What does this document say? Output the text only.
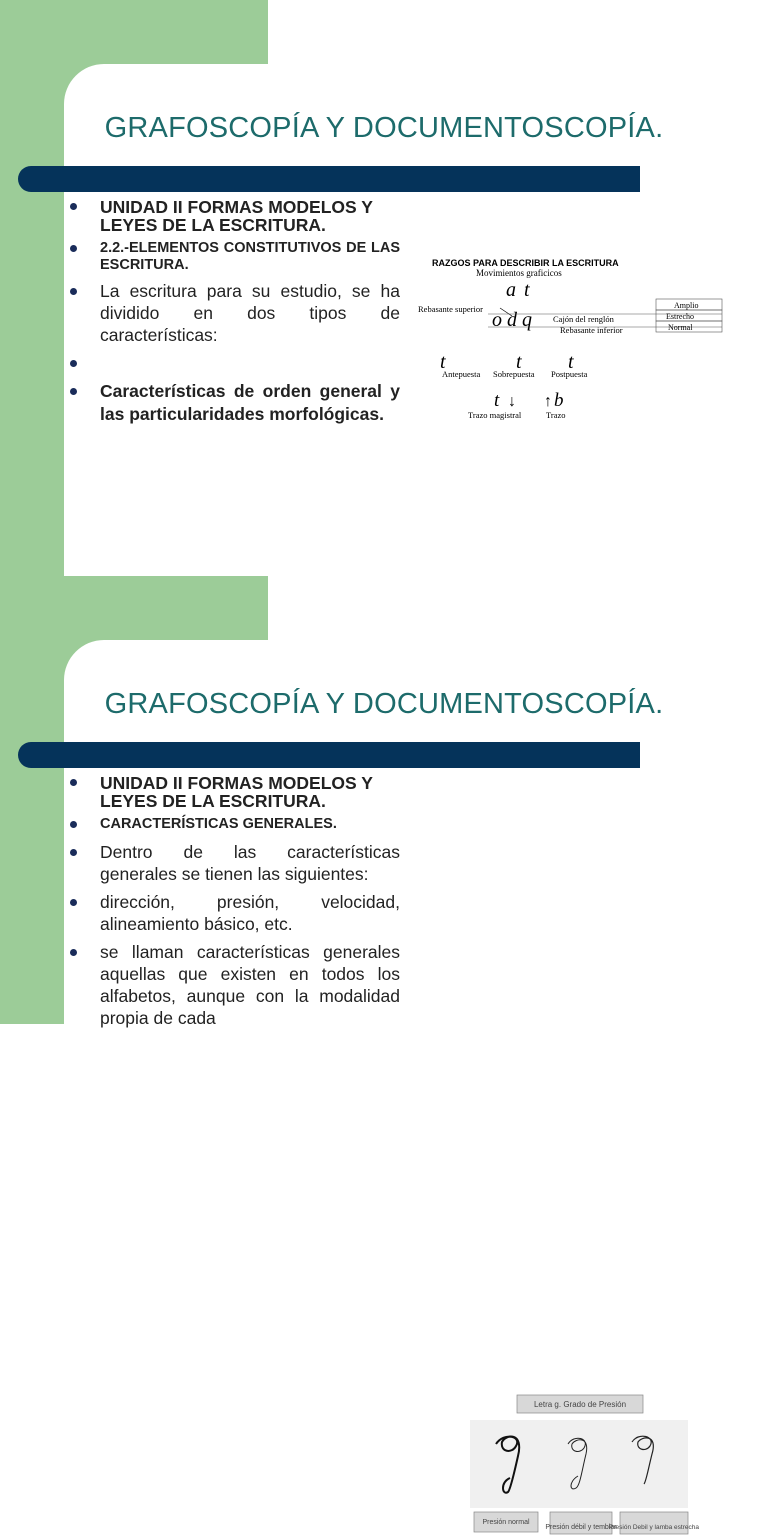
GRAFOSCOPÍA Y DOCUMENTOSCOPÍA.
UNIDAD II FORMAS MODELOS Y LEYES DE LA ESCRITURA.
2.2.-ELEMENTOS CONSTITUTIVOS DE LAS ESCRITURA.
La escritura para su estudio, se ha dividido en dos tipos de características:
Características de orden general y las particularidades morfológicas.
RAZGOS PARA DESCRIBIR LA ESCRITURA
Movimientos graficicos
a t
Rebasante superior o d q Cajón del renglón
Rebasante inferior
Amplio
Estrecho
Normal
t	t t
Antepuesta Sobrepuesta Postpuesta
t ↓ ↑ b
Trazo magistral	Trazo
GRAFOSCOPÍA Y DOCUMENTOSCOPÍA.
UNIDAD II FORMAS MODELOS Y LEYES DE LA ESCRITURA.
CARACTERÍSTICAS GENERALES.
Dentro de las características generales se tienen las siguientes:
dirección, presión, velocidad, alineamiento básico, etc.
se llaman características generales aquellas que existen en todos los alfabetos, aunque con la modalidad propia de cada
Letra g. Grado de Presión
Presión normal
Presión débil y temblor
Presión Debil y lamba estrecha
